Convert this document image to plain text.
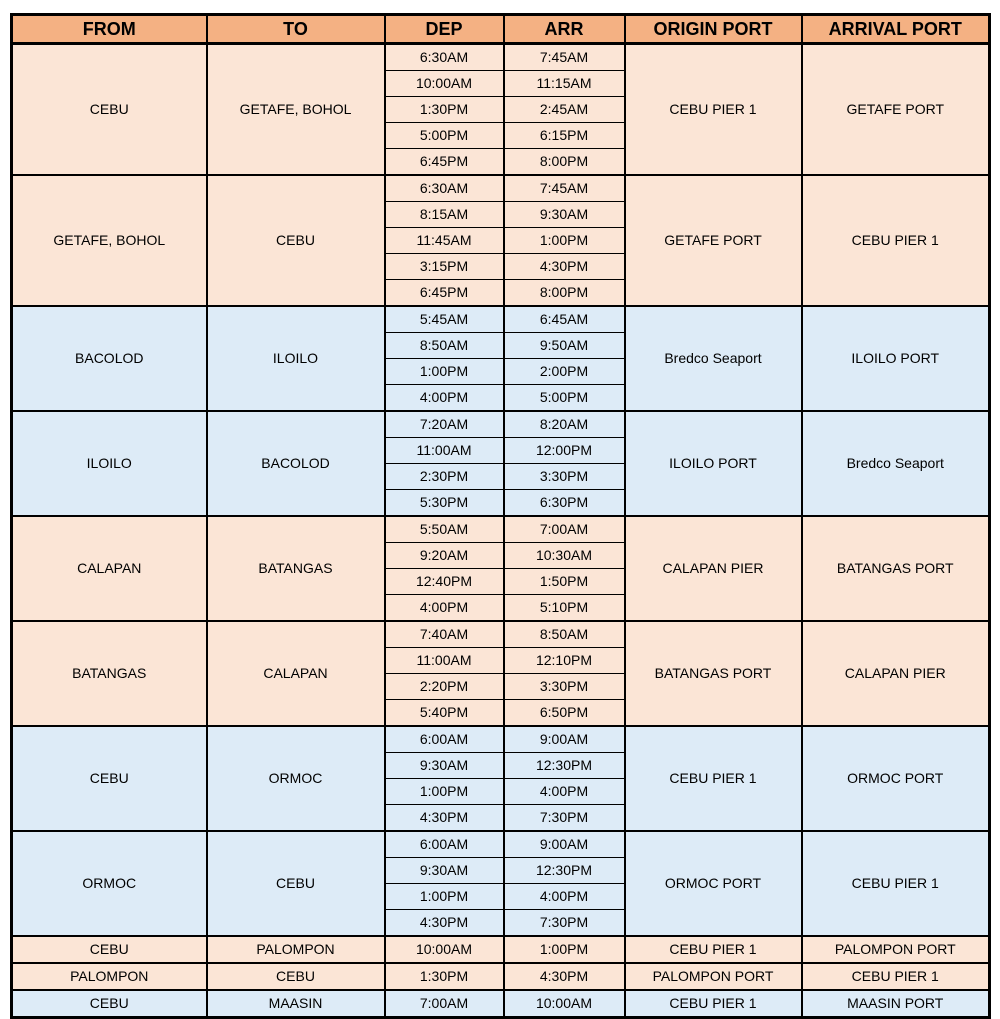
FROM	TO	DEP	ARR	ORIGIN PORT	ARRIVAL PORT
CEBU	GETAFE, BOHOL	6:30AM	7:45AM	CEBU PIER 1	GETAFE PORT
		10:00AM	11:15AM		
		1:30PM	2:45AM		
		5:00PM	6:15PM		
		6:45PM	8:00PM		
GETAFE, BOHOL	CEBU	6:30AM	7:45AM	GETAFE PORT	CEBU PIER 1
		8:15AM	9:30AM		
		11:45AM	1:00PM		
		3:15PM	4:30PM		
		6:45PM	8:00PM		
BACOLOD	ILOILO	5:45AM	6:45AM	Bredco Seaport	ILOILO PORT
		8:50AM	9:50AM		
		1:00PM	2:00PM		
		4:00PM	5:00PM		
ILOILO	BACOLOD	7:20AM	8:20AM	ILOILO PORT	Bredco Seaport
		11:00AM	12:00PM		
		2:30PM	3:30PM		
		5:30PM	6:30PM		
CALAPAN	BATANGAS	5:50AM	7:00AM	CALAPAN PIER	BATANGAS PORT
		9:20AM	10:30AM		
		12:40PM	1:50PM		
		4:00PM	5:10PM		
BATANGAS	CALAPAN	7:40AM	8:50AM	BATANGAS PORT	CALAPAN PIER
		11:00AM	12:10PM		
		2:20PM	3:30PM		
		5:40PM	6:50PM		
CEBU	ORMOC	6:00AM	9:00AM	CEBU PIER 1	ORMOC PORT
		9:30AM	12:30PM		
		1:00PM	4:00PM		
		4:30PM	7:30PM		
ORMOC	CEBU	6:00AM	9:00AM	ORMOC PORT	CEBU PIER 1
		9:30AM	12:30PM		
		1:00PM	4:00PM		
		4:30PM	7:30PM		
CEBU	PALOMPON	10:00AM	1:00PM	CEBU PIER 1	PALOMPON PORT
PALOMPON	CEBU	1:30PM	4:30PM	PALOMPON PORT	CEBU PIER 1
CEBU	MAASIN	7:00AM	10:00AM	CEBU PIER 1	MAASIN PORT
